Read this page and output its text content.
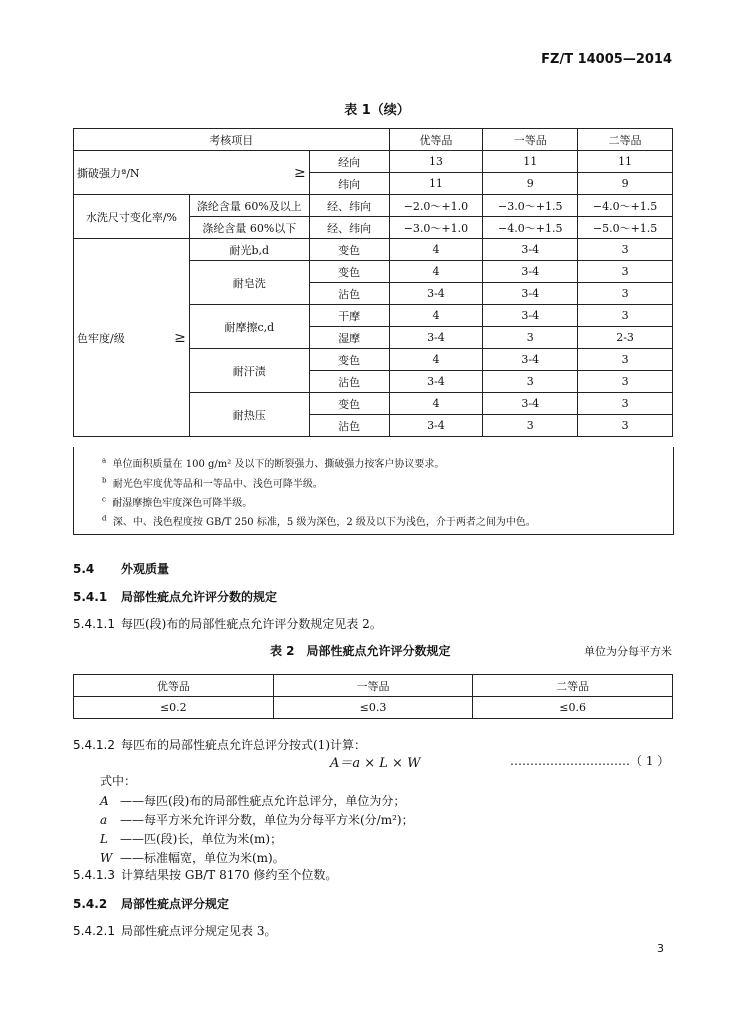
FZ/T 14005—2014
表 1（续）
考核项目			优等品	一等品	二等品
撕破强力ª/N ≥		经向	13	11	11
		纬向	11	9	9
水洗尺寸变化率/%	涤纶含量 60%及以上	经、纬向	−2.0～+1.0	−3.0～+1.5	−4.0～+1.5
	涤纶含量 60%以下	经、纬向	−3.0～+1.0	−4.0～+1.5	−5.0～+1.5
色牢度/级 ≥	耐光b,d	变色	4	3-4	3
	耐皂洗	变色	4	3-4	3
		沾色	3-4	3-4	3
	耐摩擦c,d	干摩	4	3-4	3
		湿摩	3-4	3	2-3
	耐汗渍	变色	4	3-4	3
		沾色	3-4	3	3
	耐热压	变色	4	3-4	3
		沾色	3-4	3	3
$^a$ 单位面积质量在 100 g/m² 及以下的断裂强力、撕破强力按客户协议要求。
$^b$ 耐光色牢度优等品和一等品中、浅色可降半级。
$^c$ 耐湿摩擦色牢度深色可降半级。
$^d$ 深、中、浅色程度按 GB/T 250 标准，5 级为深色，2 级及以下为浅色，介于两者之间为中色。
5.4 外观质量
5.4.1 局部性疵点允许评分数的规定
5.4.1.1 每匹(段)布的局部性疵点允许评分数规定见表 2。
表 2　局部性疵点允许评分数规定	单位为分每平方米
优等品	一等品	二等品
≤0.2	≤0.3	≤0.6
5.4.1.2 每匹布的局部性疵点允许总评分按式(1)计算：
A＝a × L × W	…………………………（ 1 ）
式中：
A ——每匹(段)布的局部性疵点允许总评分，单位为分；
a ——每平方米允许评分数，单位为分每平方米(分/m²)；
L ——匹(段)长，单位为米(m)；
W ——标准幅宽，单位为米(m)。
5.4.1.3 计算结果按 GB/T 8170 修约至个位数。
5.4.2 局部性疵点评分规定
5.4.2.1 局部性疵点评分规定见表 3。
3
